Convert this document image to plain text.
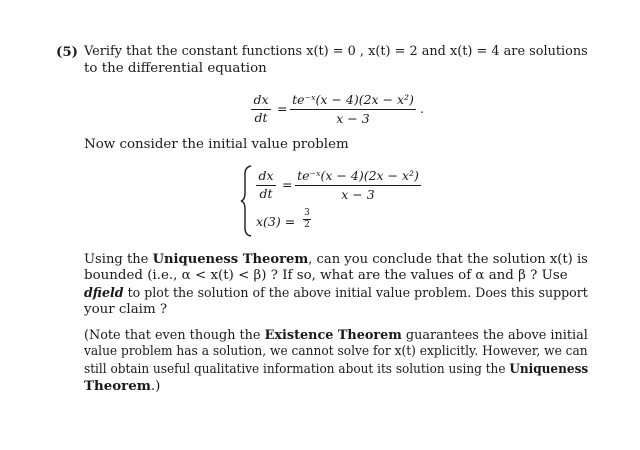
(5) Verify that the constant functions x(t) = 0 , x(t) = 2 and x(t) = 4 are solutions
to the differential equation
dx
dt
=
te⁻ˣ(x − 4)(2x − x²)
x − 3
.
Now consider the initial value problem
dx
dt
=
te⁻ˣ(x − 4)(2x − x²)
x − 3
x(3) =
3
2
Using the Uniqueness Theorem, can you conclude that the solution x(t) is
bounded (i.e., α < x(t) < β) ? If so, what are the values of α and β ? Use
dfield to plot the solution of the above initial value problem. Does this support
your claim ?
(Note that even though the Existence Theorem guarantees the above initial
value problem has a solution, we cannot solve for x(t) explicitly. However, we can
still obtain useful qualitative information about its solution using the Uniqueness
Theorem.)
